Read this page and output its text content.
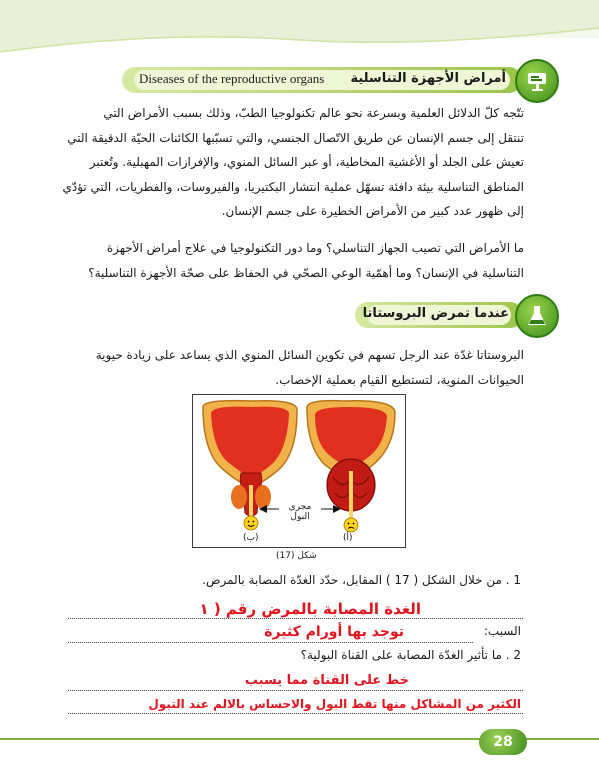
Diseases of the reproductive organs أمراض الأجهزة التناسلية

تتّجه كلّ الدلائل العلمية وبسرعة نحو عالم تكنولوجيا الطبّ، وذلك بسبب الأمراض التي

تنتقل إلى جسم الإنسان عن طريق الاتّصال الجنسي، والتي تسبّبها الكائنات الحيّة الدقيقة التي

تعيش على الجلد أو الأغشية المخاطية، أو عبر السائل المنوي، والإفرازات المهبلية. وتُعتبر

المناطق التناسلية بيئة دافئة تسهّل عملية انتشار البكتيريا، والفيروسات، والفطريات، التي تؤدّي

إلى ظهور عدد كبير من الأمراض الخطيرة على جسم الإنسان.

ما الأمراض التي تصيب الجهاز التناسلي؟ وما دور التكنولوجيا في علاج أمراض الأجهزة

التناسلية في الإنسان؟ وما أهمّية الوعي الصحّي في الحفاظ على صحّة الأجهزة التناسلية؟

عندما تمرض البروستاتا

البروستاتا غدّة عند الرجل تسهم في تكوين السائل المنوي الذي يساعد على زيادة حيوية

الحيوانات المنوية، لتستطيع القيام بعملية الإخصاب.

مجرى البول
(ب)	(أ)
شكل (17)
1 . من خلال الشكل ( 17 ) المقابل، حدّد الغدّة المصابة بالمرض.
الغدة المصابة بالمرض رقم ( ١
السبب:
توجد بها أورام كثيرة
2 . ما تأثير الغدّة المصابة على القناة البولية؟
خط على القناة مما يسبب
الكثير من المشاكل منها تقط البول والاحساس بالالم عند التبول
28
